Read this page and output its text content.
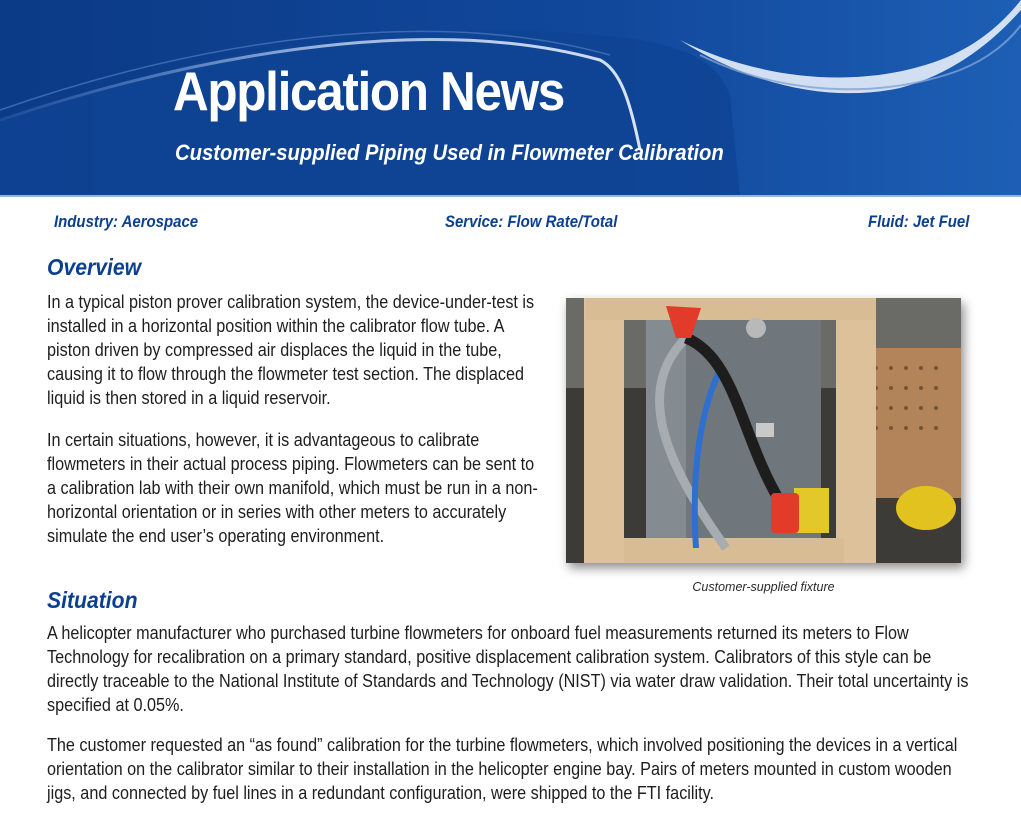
Application News
Customer-supplied Piping Used in Flowmeter Calibration
Industry: Aerospace	Service: Flow Rate/Total	Fluid: Jet Fuel
Overview

In a typical piston prover calibration system, the device-under-test is installed in a horizontal position within the calibrator flow tube. A piston driven by compressed air displaces the liquid in the tube, causing it to flow through the flowmeter test section. The displaced liquid is then stored in a liquid reservoir.

In certain situations, however, it is advantageous to calibrate flowmeters in their actual process piping. Flowmeters can be sent to a calibration lab with their own manifold, which must be run in a non-horizontal orientation or in series with other meters to accurately simulate the end user’s operating environment.

Customer-supplied fixture
Situation

A helicopter manufacturer who purchased turbine flowmeters for onboard fuel measurements returned its meters to Flow Technology for recalibration on a primary standard, positive displacement calibration system. Calibrators of this style can be directly traceable to the National Institute of Standards and Technology (NIST) via water draw validation. Their total uncertainty is specified at 0.05%.

The customer requested an “as found” calibration for the turbine flowmeters, which involved positioning the devices in a vertical orientation on the calibrator similar to their installation in the helicopter engine bay. Pairs of meters mounted in custom wooden jigs, and connected by fuel lines in a redundant configuration, were shipped to the FTI facility.
